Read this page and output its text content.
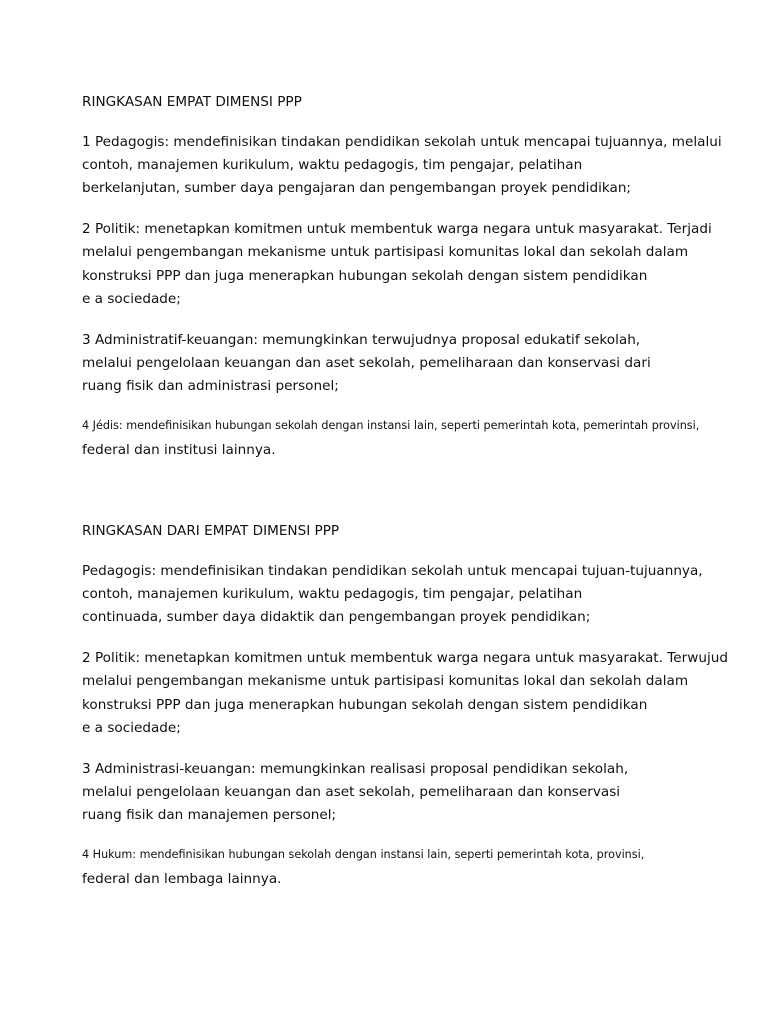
RINGKASAN EMPAT DIMENSI PPP
1 Pedagogis: mendefinisikan tindakan pendidikan sekolah untuk mencapai tujuannya, melalui
contoh, manajemen kurikulum, waktu pedagogis, tim pengajar, pelatihan
berkelanjutan, sumber daya pengajaran dan pengembangan proyek pendidikan;
2 Politik: menetapkan komitmen untuk membentuk warga negara untuk masyarakat. Terjadi
melalui pengembangan mekanisme untuk partisipasi komunitas lokal dan sekolah dalam
konstruksi PPP dan juga menerapkan hubungan sekolah dengan sistem pendidikan
e a sociedade;
3 Administratif-keuangan: memungkinkan terwujudnya proposal edukatif sekolah,
melalui pengelolaan keuangan dan aset sekolah, pemeliharaan dan konservasi dari
ruang fisik dan administrasi personel;
4 Jédis: mendefinisikan hubungan sekolah dengan instansi lain, seperti pemerintah kota, pemerintah provinsi,
federal dan institusi lainnya.
RINGKASAN DARI EMPAT DIMENSI PPP
Pedagogis: mendefinisikan tindakan pendidikan sekolah untuk mencapai tujuan-tujuannya,
contoh, manajemen kurikulum, waktu pedagogis, tim pengajar, pelatihan
continuada, sumber daya didaktik dan pengembangan proyek pendidikan;
2 Politik: menetapkan komitmen untuk membentuk warga negara untuk masyarakat. Terwujud
melalui pengembangan mekanisme untuk partisipasi komunitas lokal dan sekolah dalam
konstruksi PPP dan juga menerapkan hubungan sekolah dengan sistem pendidikan
e a sociedade;
3 Administrasi-keuangan: memungkinkan realisasi proposal pendidikan sekolah,
melalui pengelolaan keuangan dan aset sekolah, pemeliharaan dan konservasi
ruang fisik dan manajemen personel;
4 Hukum: mendefinisikan hubungan sekolah dengan instansi lain, seperti pemerintah kota, provinsi,
federal dan lembaga lainnya.
